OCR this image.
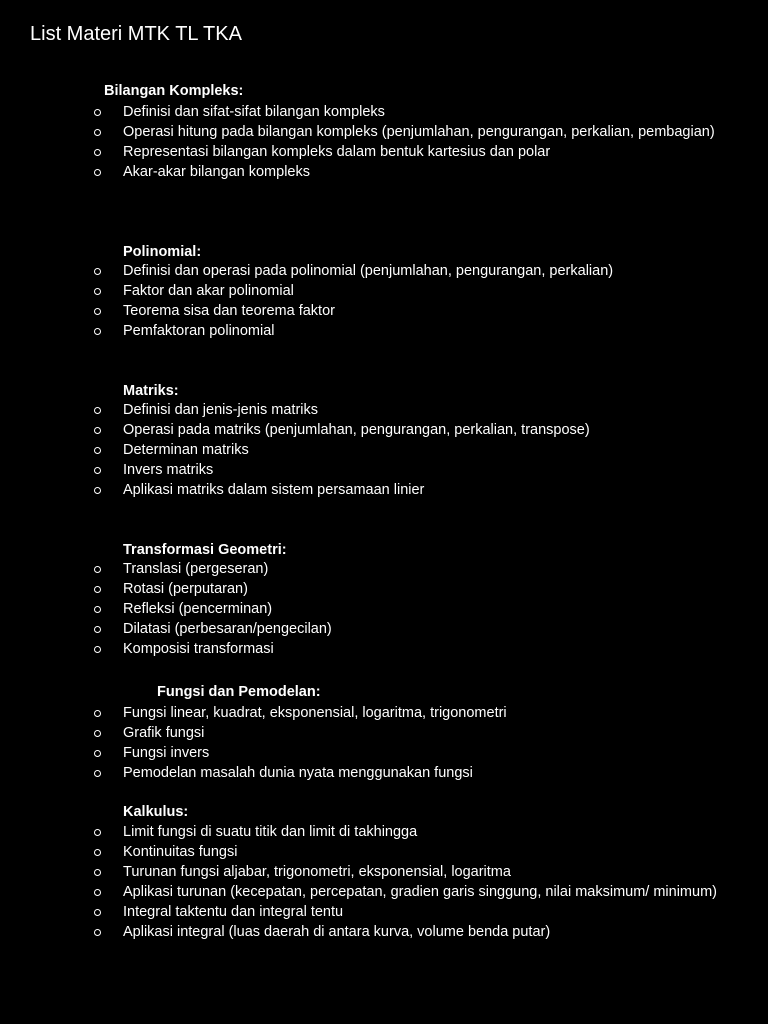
List Materi MTK TL TKA
Bilangan Kompleks:
Definisi dan sifat-sifat bilangan kompleks
Operasi hitung pada bilangan kompleks (penjumlahan, pengurangan, perkalian, pembagian)
Representasi bilangan kompleks dalam bentuk kartesius dan polar
Akar-akar bilangan kompleks
Polinomial:
Definisi dan operasi pada polinomial (penjumlahan, pengurangan, perkalian)
Faktor dan akar polinomial
Teorema sisa dan teorema faktor
Pemfaktoran polinomial
Matriks:
Definisi dan jenis-jenis matriks
Operasi pada matriks (penjumlahan, pengurangan, perkalian, transpose)
Determinan matriks
Invers matriks
Aplikasi matriks dalam sistem persamaan linier
Transformasi Geometri:
Translasi (pergeseran)
Rotasi (perputaran)
Refleksi (pencerminan)
Dilatasi (perbesaran/pengecilan)
Komposisi transformasi
Fungsi dan Pemodelan:
Fungsi linear, kuadrat, eksponensial, logaritma, trigonometri
Grafik fungsi
Fungsi invers
Pemodelan masalah dunia nyata menggunakan fungsi
Kalkulus:
Limit fungsi di suatu titik dan limit di takhingga
Kontinuitas fungsi
Turunan fungsi aljabar, trigonometri, eksponensial, logaritma
Aplikasi turunan (kecepatan, percepatan, gradien garis singgung, nilai maksimum/ minimum)
Integral taktentu dan integral tentu
Aplikasi integral (luas daerah di antara kurva, volume benda putar)
